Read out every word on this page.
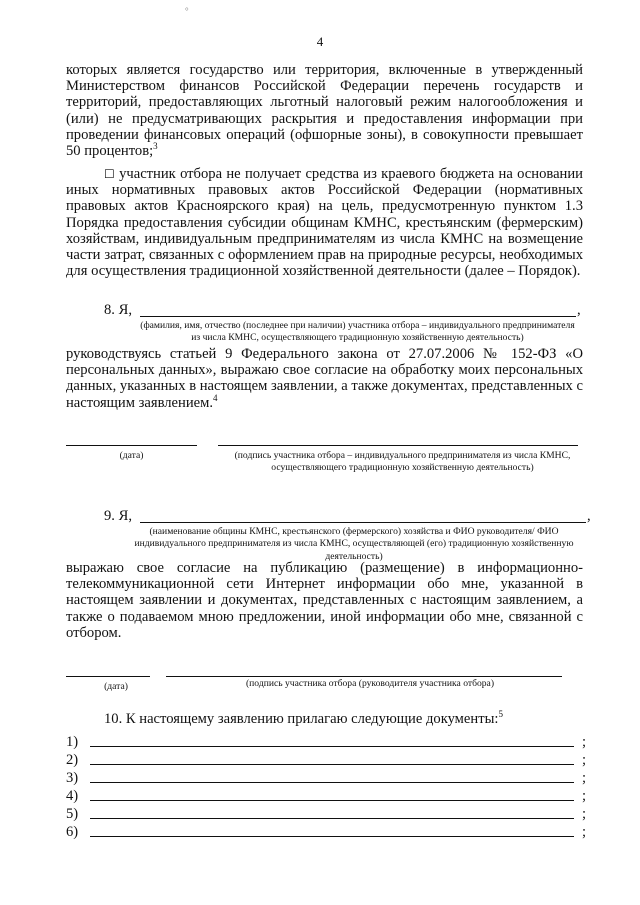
°
4

которых является государство или территория, включенные в утвержденный Министерством финансов Российской Федерации перечень государств и территорий, предоставляющих льготный налоговый режим налогообложения и (или) не предусматривающих раскрытия и предоставления информации при проведении финансовых операций (офшорные зоны), в совокупности превышает 50 процентов;$^3$

☐ участник отбора не получает средства из краевого бюджета на основании иных нормативных правовых актов Российской Федерации (нормативных правовых актов Красноярского края) на цель, предусмотренную пунктом 1.3 Порядка предоставления субсидии общинам КМНС, крестьянским (фермерским) хозяйствам, индивидуальным предпринимателям из числа КМНС на возмещение части затрат, связанных с оформлением прав на природные ресурсы, необходимых для осуществления традиционной хозяйственной деятельности (далее – Порядок).

8. Я,	,
(фамилия, имя, отчество (последнее при наличии) участника отбора – индивидуального предпринимателя из числа КМНС, осуществляющего традиционную хозяйственную деятельность)

руководствуясь статьей 9 Федерального закона от 27.07.2006 № 152-ФЗ «О персональных данных», выражаю свое согласие на обработку моих персональных данных, указанных в настоящем заявлении, а также документах, представленных с настоящим заявлением.$^4$

(дата)	(подпись участника отбора – индивидуального предпринимателя из числа КМНС, осуществляющего традиционную хозяйственную деятельность)
9. Я,	,
(наименование общины КМНС, крестьянского (фермерского) хозяйства и ФИО руководителя/ ФИО индивидуального предпринимателя из числа КМНС, осуществляющей (его) традиционную хозяйственную деятельность)

выражаю свое согласие на публикацию (размещение) в информационно-телекоммуникационной сети Интернет информации обо мне, указанной в настоящем заявлении и документах, представленных с настоящим заявлением, а также о подаваемом мною предложении, иной информации обо мне, связанной с отбором.

(дата)	(подпись участника отбора (руководителя участника отбора)
10. К настоящему заявлению прилагаю следующие документы:$^5$
1)	;
2)	;
3)	;
4)	;
5)	;
6)	;
